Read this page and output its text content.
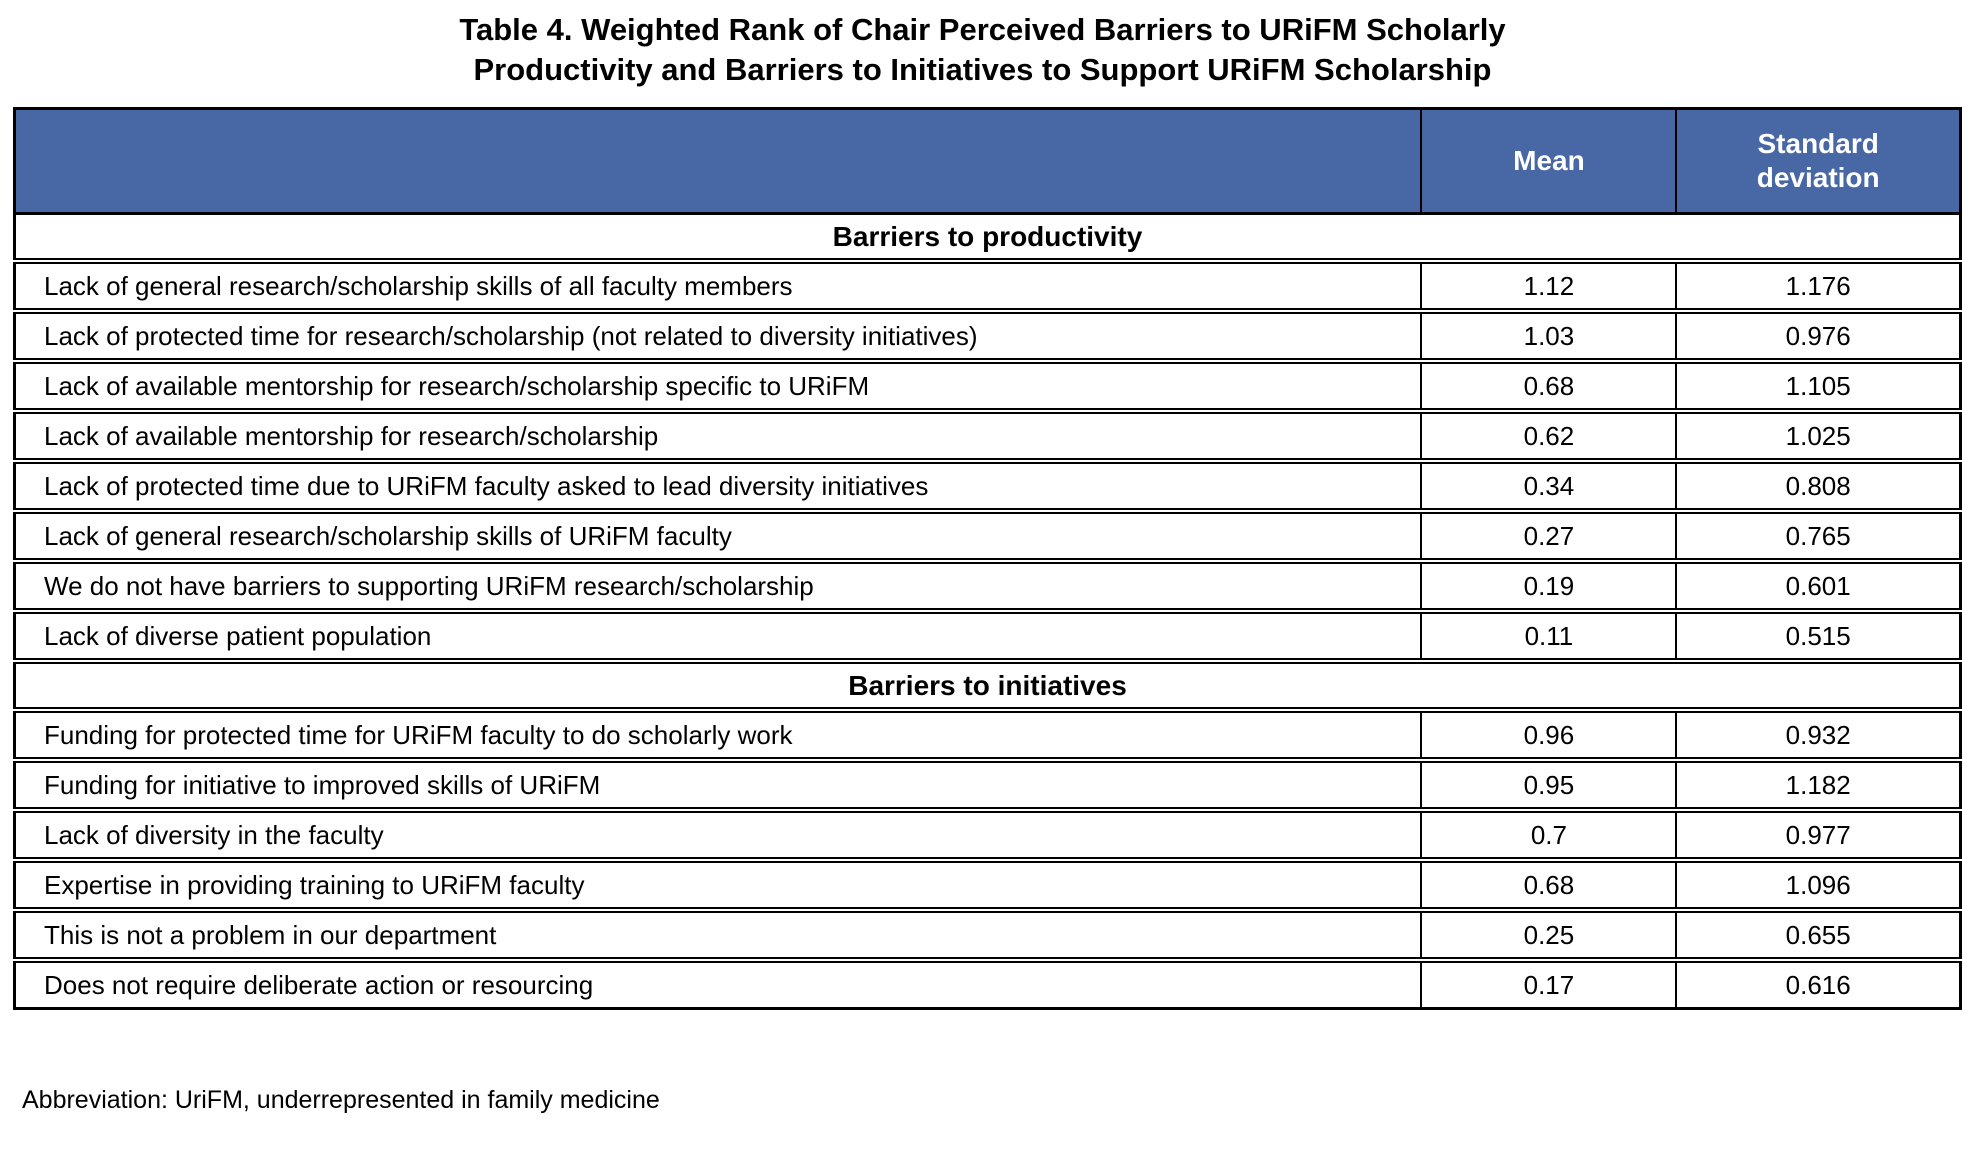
Table 4. Weighted Rank of Chair Perceived Barriers to URiFM Scholarly
Productivity and Barriers to Initiatives to Support URiFM Scholarship
	Mean	Standard deviation
Barriers to productivity		
Lack of general research/scholarship skills of all faculty members	1.12	1.176
Lack of protected time for research/scholarship (not related to diversity initiatives)	1.03	0.976
Lack of available mentorship for research/scholarship specific to URiFM	0.68	1.105
Lack of available mentorship for research/scholarship	0.62	1.025
Lack of protected time due to URiFM faculty asked to lead diversity initiatives	0.34	0.808
Lack of general research/scholarship skills of URiFM faculty	0.27	0.765
We do not have barriers to supporting URiFM research/scholarship	0.19	0.601
Lack of diverse patient population	0.11	0.515
Barriers to initiatives		
Funding for protected time for URiFM faculty to do scholarly work	0.96	0.932
Funding for initiative to improved skills of URiFM	0.95	1.182
Lack of diversity in the faculty	0.7	0.977
Expertise in providing training to URiFM faculty	0.68	1.096
This is not a problem in our department	0.25	0.655
Does not require deliberate action or resourcing	0.17	0.616
Abbreviation: UriFM, underrepresented in family medicine
